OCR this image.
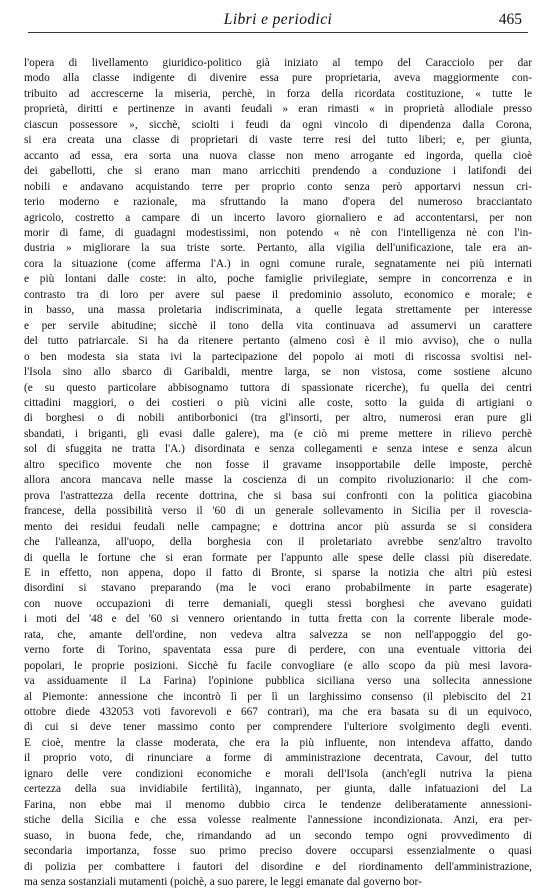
Libri e periodici	465
l'opera di livellamento giuridico-politico già iniziato al tempo del Caracciolo per dar
modo alla classe indigente di divenire essa pure proprietaria, aveva maggiormente con-
tribuito ad accrescerne la miseria, perchè, in forza della ricordata costituzione, « tutte le
proprietà, diritti e pertinenze in avanti feudali » eran rimasti « in proprietà allodiale presso
ciascun possessore », sicchè, sciolti i feudi da ogni vincolo di dipendenza dalla Corona,
si era creata una classe di proprietari di vaste terre resi del tutto liberi; e, per giunta,
accanto ad essa, era sorta una nuova classe non meno arrogante ed ingorda, quella cioè
dei gabellotti, che si erano man mano arricchiti prendendo a conduzione i latifondi dei
nobili e andavano acquistando terre per proprio conto senza però apportarvi nessun cri-
terio moderno e razionale, ma sfruttando la mano d'opera del numeroso bracciantato
agricolo, costretto a campare di un incerto lavoro giornaliero e ad accontentarsi, per non
morir di fame, di guadagni modestissimi, non potendo « nè con l'intelligenza nè con l'in-
dustria » migliorare la sua triste sorte. Pertanto, alla vigilia dell'unificazione, tale era an-
cora la situazione (come afferma l'A.) in ogni comune rurale, segnatamente nei più internati
e più lontani dalle coste: in alto, poche famiglie privilegiate, sempre in concorrenza e in
contrasto tra di loro per avere sul paese il predominio assoluto, economico e morale; e
in basso, una massa proletaria indiscriminata, a quelle legata strettamente per interesse
e per servile abitudine; sicchè il tono della vita continuava ad assumervi un carattere
del tutto patriarcale. Si ha da ritenere pertanto (almeno così è il mio avviso), che o nulla
o ben modesta sia stata ivi la partecipazione del popolo ai moti di riscossa svoltisi nel-
l'Isola sino allo sbarco di Garibaldi, mentre larga, se non vistosa, come sostiene alcuno
(e su questo particolare abbisognamo tuttora di spassionate ricerche), fu quella dei centri
cittadini maggiori, o dei costieri o più vicini alle coste, sotto la guida di artigiani o
di borghesi o di nobili antiborbonici (tra gl'insorti, per altro, numerosi eran pure gli
sbandati, i briganti, gli evasi dalle galere), ma (e ciò mi preme mettere in rilievo perchè
sol di sfuggita ne tratta l'A.) disordinata e senza collegamenti e senza intese e senza alcun
altro specifico movente che non fosse il gravame insopportabile delle imposte, perchè
allora ancora mancava nelle masse la coscienza di un compito rivoluzionario: il che com-
prova l'astrattezza della recente dottrina, che si basa sui confronti con la politica giacobina
francese, della possibilità verso il '60 di un generale sollevamento in Sicilia per il rovescia-
mento dei residui feudali nelle campagne; e dottrina ancor più assurda se si considera
che l'alleanza, all'uopo, della borghesia con il proletariato avrebbe senz'altro travolto
di quella le fortune che si eran formate per l'appunto alle spese delle classi più diseredate.
E in effetto, non appena, dopo il fatto di Bronte, si sparse la notizia che altri più estesi
disordini si stavano preparando (ma le voci erano probabilmente in parte esagerate)
con nuove occupazioni di terre demaniali, quegli stessi borghesi che avevano guidati
i moti del '48 e del '60 si vennero orientando in tutta fretta con la corrente liberale mode-
rata, che, amante dell'ordine, non vedeva altra salvezza se non nell'appoggio del go-
verno forte di Torino, spaventata essa pure di perdere, con una eventuale vittoria dei
popolari, le proprie posizioni. Sicchè fu facile convogliare (e allo scopo da più mesi lavora-
va assiduamente il La Farina) l'opinione pubblica siciliana verso una sollecita annessione
al Piemonte: annessione che incontrò lì per lì un larghissimo consenso (il plebiscito del 21
ottobre diede 432053 voti favorevoli e 667 contrari), ma che era basata su di un equivoco,
di cui si deve tener massimo conto per comprendere l'ulteriore svolgimento degli eventi.
E cioè, mentre la classe moderata, che era la più influente, non intendeva affatto, dando
il proprio voto, di rinunciare a forme di amministrazione decentrata, Cavour, del tutto
ignaro delle vere condizioni economiche e morali dell'Isola (anch'egli nutriva la piena
certezza della sua invidiabile fertilità), ingannato, per giunta, dalle infatuazioni del La
Farina, non ebbe mai il menomo dubbio circa le tendenze deliberatamente annessioni-
stiche della Sicilia e che essa volesse realmente l'annessione incondizionata. Anzi, era per-
suaso, in buona fede, che, rimandando ad un secondo tempo ogni provvedimento di
secondaria importanza, fosse suo primo preciso dovere occuparsi essenzialmente o quasi
di polizia per combattere i fautori del disordine e del riordinamento dell'amministrazione,
ma senza sostanziali mutamenti (poichè, a suo parere, le leggi emanate dal governo bor-
